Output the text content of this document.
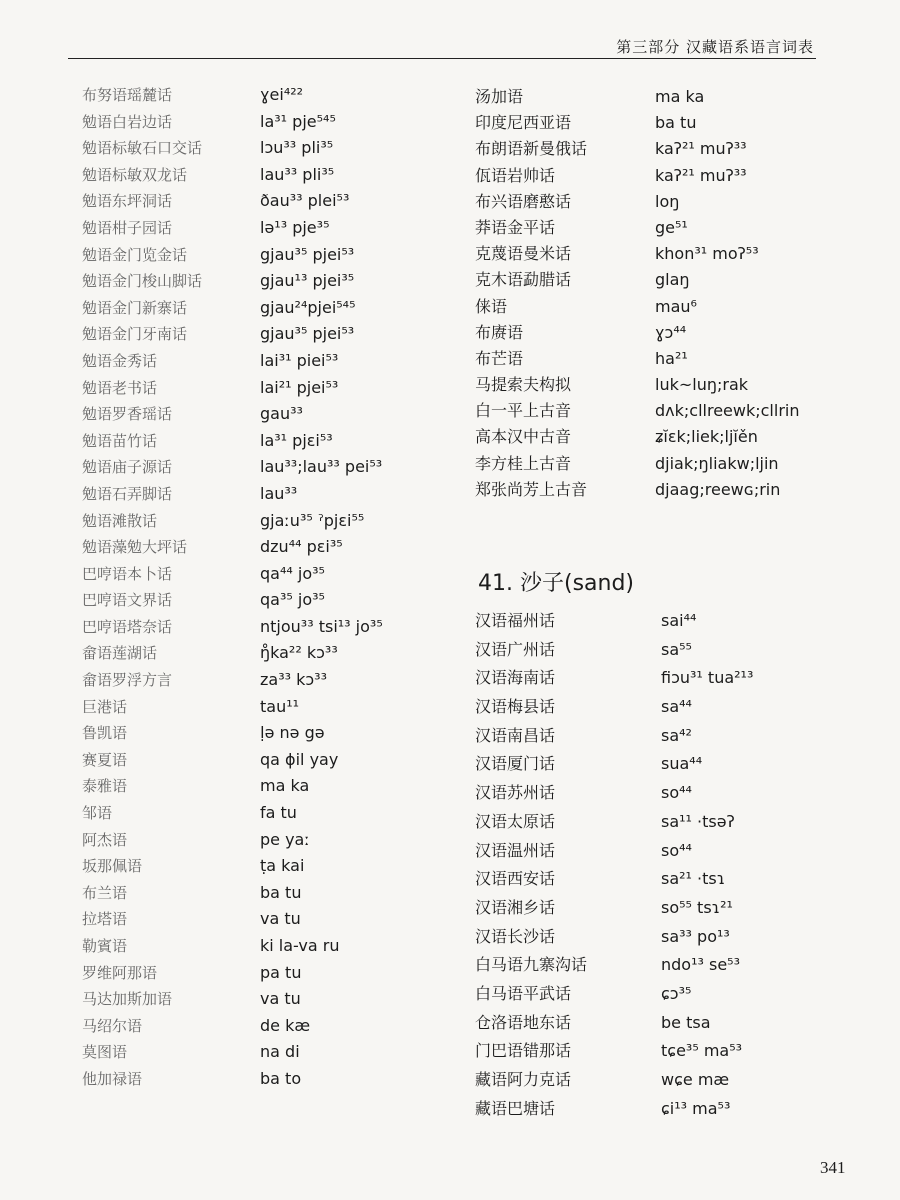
第三部分 汉藏语系语言词表
布努语瑶麓话	ɣei⁴²²
勉语白岩边话	la³¹ pje⁵⁴⁵
勉语标敏石口交话	lɔu³³ pli³⁵
勉语标敏双龙话	lau³³ pli³⁵
勉语东坪洞话	ðau³³ plei⁵³
勉语柑子园话	lə¹³ pje³⁵
勉语金门览金话	gjau³⁵ pjei⁵³
勉语金门梭山脚话	gjau¹³ pjei³⁵
勉语金门新寨话	gjau²⁴pjei⁵⁴⁵
勉语金门牙南话	gjau³⁵ pjei⁵³
勉语金秀话	lai³¹ piei⁵³
勉语老书话	lai²¹ pjei⁵³
勉语罗香瑶话	gau³³
勉语苗竹话	la³¹ pjɛi⁵³
勉语庙子源话	lau³³;lau³³ pei⁵³
勉语石弄脚话	lau³³
勉语滩散话	gjaːu³⁵ ˀpjɛi⁵⁵
勉语藻勉大坪话	dzu⁴⁴ pɛi³⁵
巴哼语本卜话	qa⁴⁴ jo³⁵
巴哼语文界话	qa³⁵ jo³⁵
巴哼语塔奈话	ntjou³³ tsi¹³ jo³⁵
畲语莲湖话	ŋ̊ka²² kɔ³³
畲语罗浮方言	za³³ kɔ³³
巨港话	tau¹¹
鲁凯语	ḷə nə gə
赛夏语	qa ɸil yay
泰雅语	ma ka
邹语	fa tu
阿杰语	pe yaː
坂那佩语	ṭa kai
布兰语	ba tu
拉塔语	va tu
勒賓语	ki la-va ru
罗维阿那语	pa tu
马达加斯加语	va tu
马绍尔语	de kæ
莫图语	na di
他加禄语	ba to
汤加语	ma ka
印度尼西亚语	ba tu
布朗语新曼俄话	kaʔ²¹ muʔ³³
佤语岩帅话	kaʔ²¹ muʔ³³
布兴语磨憨话	loŋ
莽语金平话	ge⁵¹
克蔑语曼米话	khon³¹ moʔ⁵³
克木语勐腊话	glaŋ
俫语	mau⁶
布赓语	ɣɔ⁴⁴
布芒语	ha²¹
马提索夫构拟	luk~luŋ;rak
白一平上古音	dʌk;cllreewk;cllrin
高本汉中古音	ʑĭɛk;liek;ljĭěn
李方桂上古音	djiak;ŋliakw;ljin
郑张尚芳上古音	djaag;reewɢ;rin
41. 沙子(sand)
汉语福州话	sai⁴⁴
汉语广州话	sa⁵⁵
汉语海南话	fiɔu³¹ tua²¹³
汉语梅县话	sa⁴⁴
汉语南昌话	sa⁴²
汉语厦门话	sua⁴⁴
汉语苏州话	so⁴⁴
汉语太原话	sa¹¹ ·tsəʔ
汉语温州话	so⁴⁴
汉语西安话	sa²¹ ·tsɿ
汉语湘乡话	so⁵⁵ tsɿ²¹
汉语长沙话	sa³³ po¹³
白马语九寨沟话	ndo¹³ se⁵³
白马语平武话	ɕɔ³⁵
仓洛语地东话	be tsa
门巴语错那话	tɕe³⁵ ma⁵³
藏语阿力克话	wɕe mæ
藏语巴塘话	ɕi¹³ ma⁵³
341
